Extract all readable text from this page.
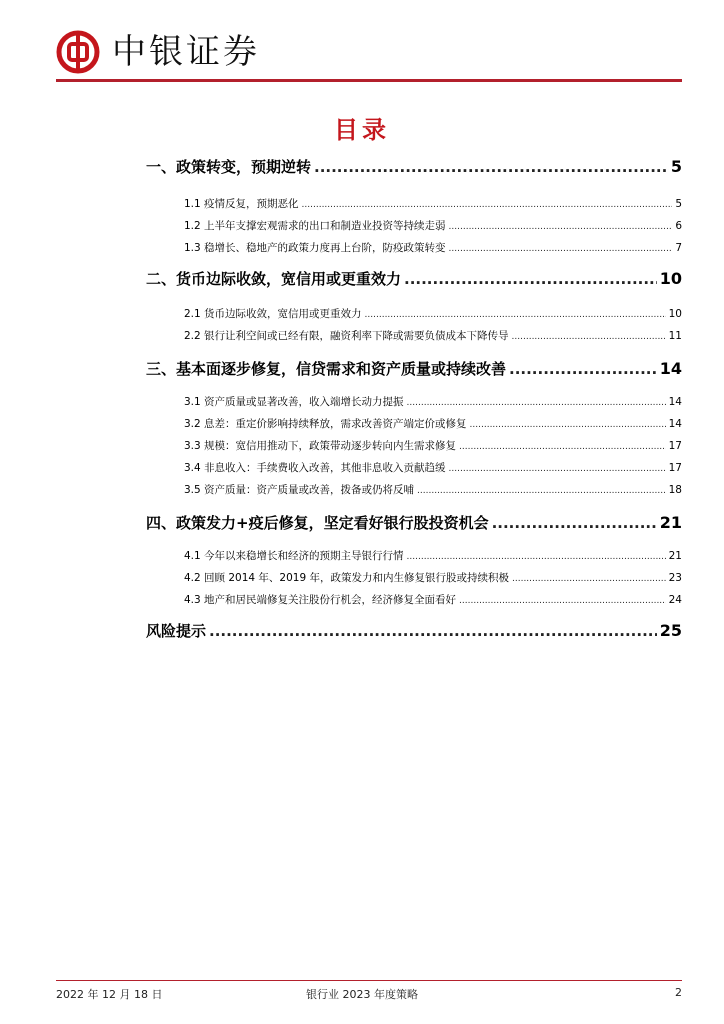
中银证券
目录
一、政策转变，预期逆转 .....	5
1.1 疫情反复，预期恶化 .....	5
1.2 上半年支撑宏观需求的出口和制造业投资等持续走弱 .....	6
1.3 稳增长、稳地产的政策力度再上台阶，防疫政策转变 .....	7
二、货币边际收敛，宽信用或更重效力 .....	10
2.1 货币边际收敛，宽信用或更重效力 .....	10
2.2 银行让利空间或已经有限，融资利率下降或需要负债成本下降传导 .....	11
三、基本面逐步修复，信贷需求和资产质量或持续改善 .....	14
3.1 资产质量或显著改善，收入端增长动力提振 .....	14
3.2 息差：重定价影响持续释放，需求改善资产端定价或修复 .....	14
3.3 规模：宽信用推动下，政策带动逐步转向内生需求修复 .....	17
3.4 非息收入：手续费收入改善，其他非息收入贡献趋缓 .....	17
3.5 资产质量：资产质量或改善，拨备或仍将反哺 .....	18
四、政策发力+疫后修复，坚定看好银行股投资机会 .....	21
4.1 今年以来稳增长和经济的预期主导银行行情 .....	21
4.2 回顾 2014 年、2019 年，政策发力和内生修复银行股或持续积极 .....	23
4.3 地产和居民端修复关注股份行机会，经济修复全面看好 .....	24
风险提示 .....	25
2022 年 12 月 18 日	银行业 2023 年度策略	2
